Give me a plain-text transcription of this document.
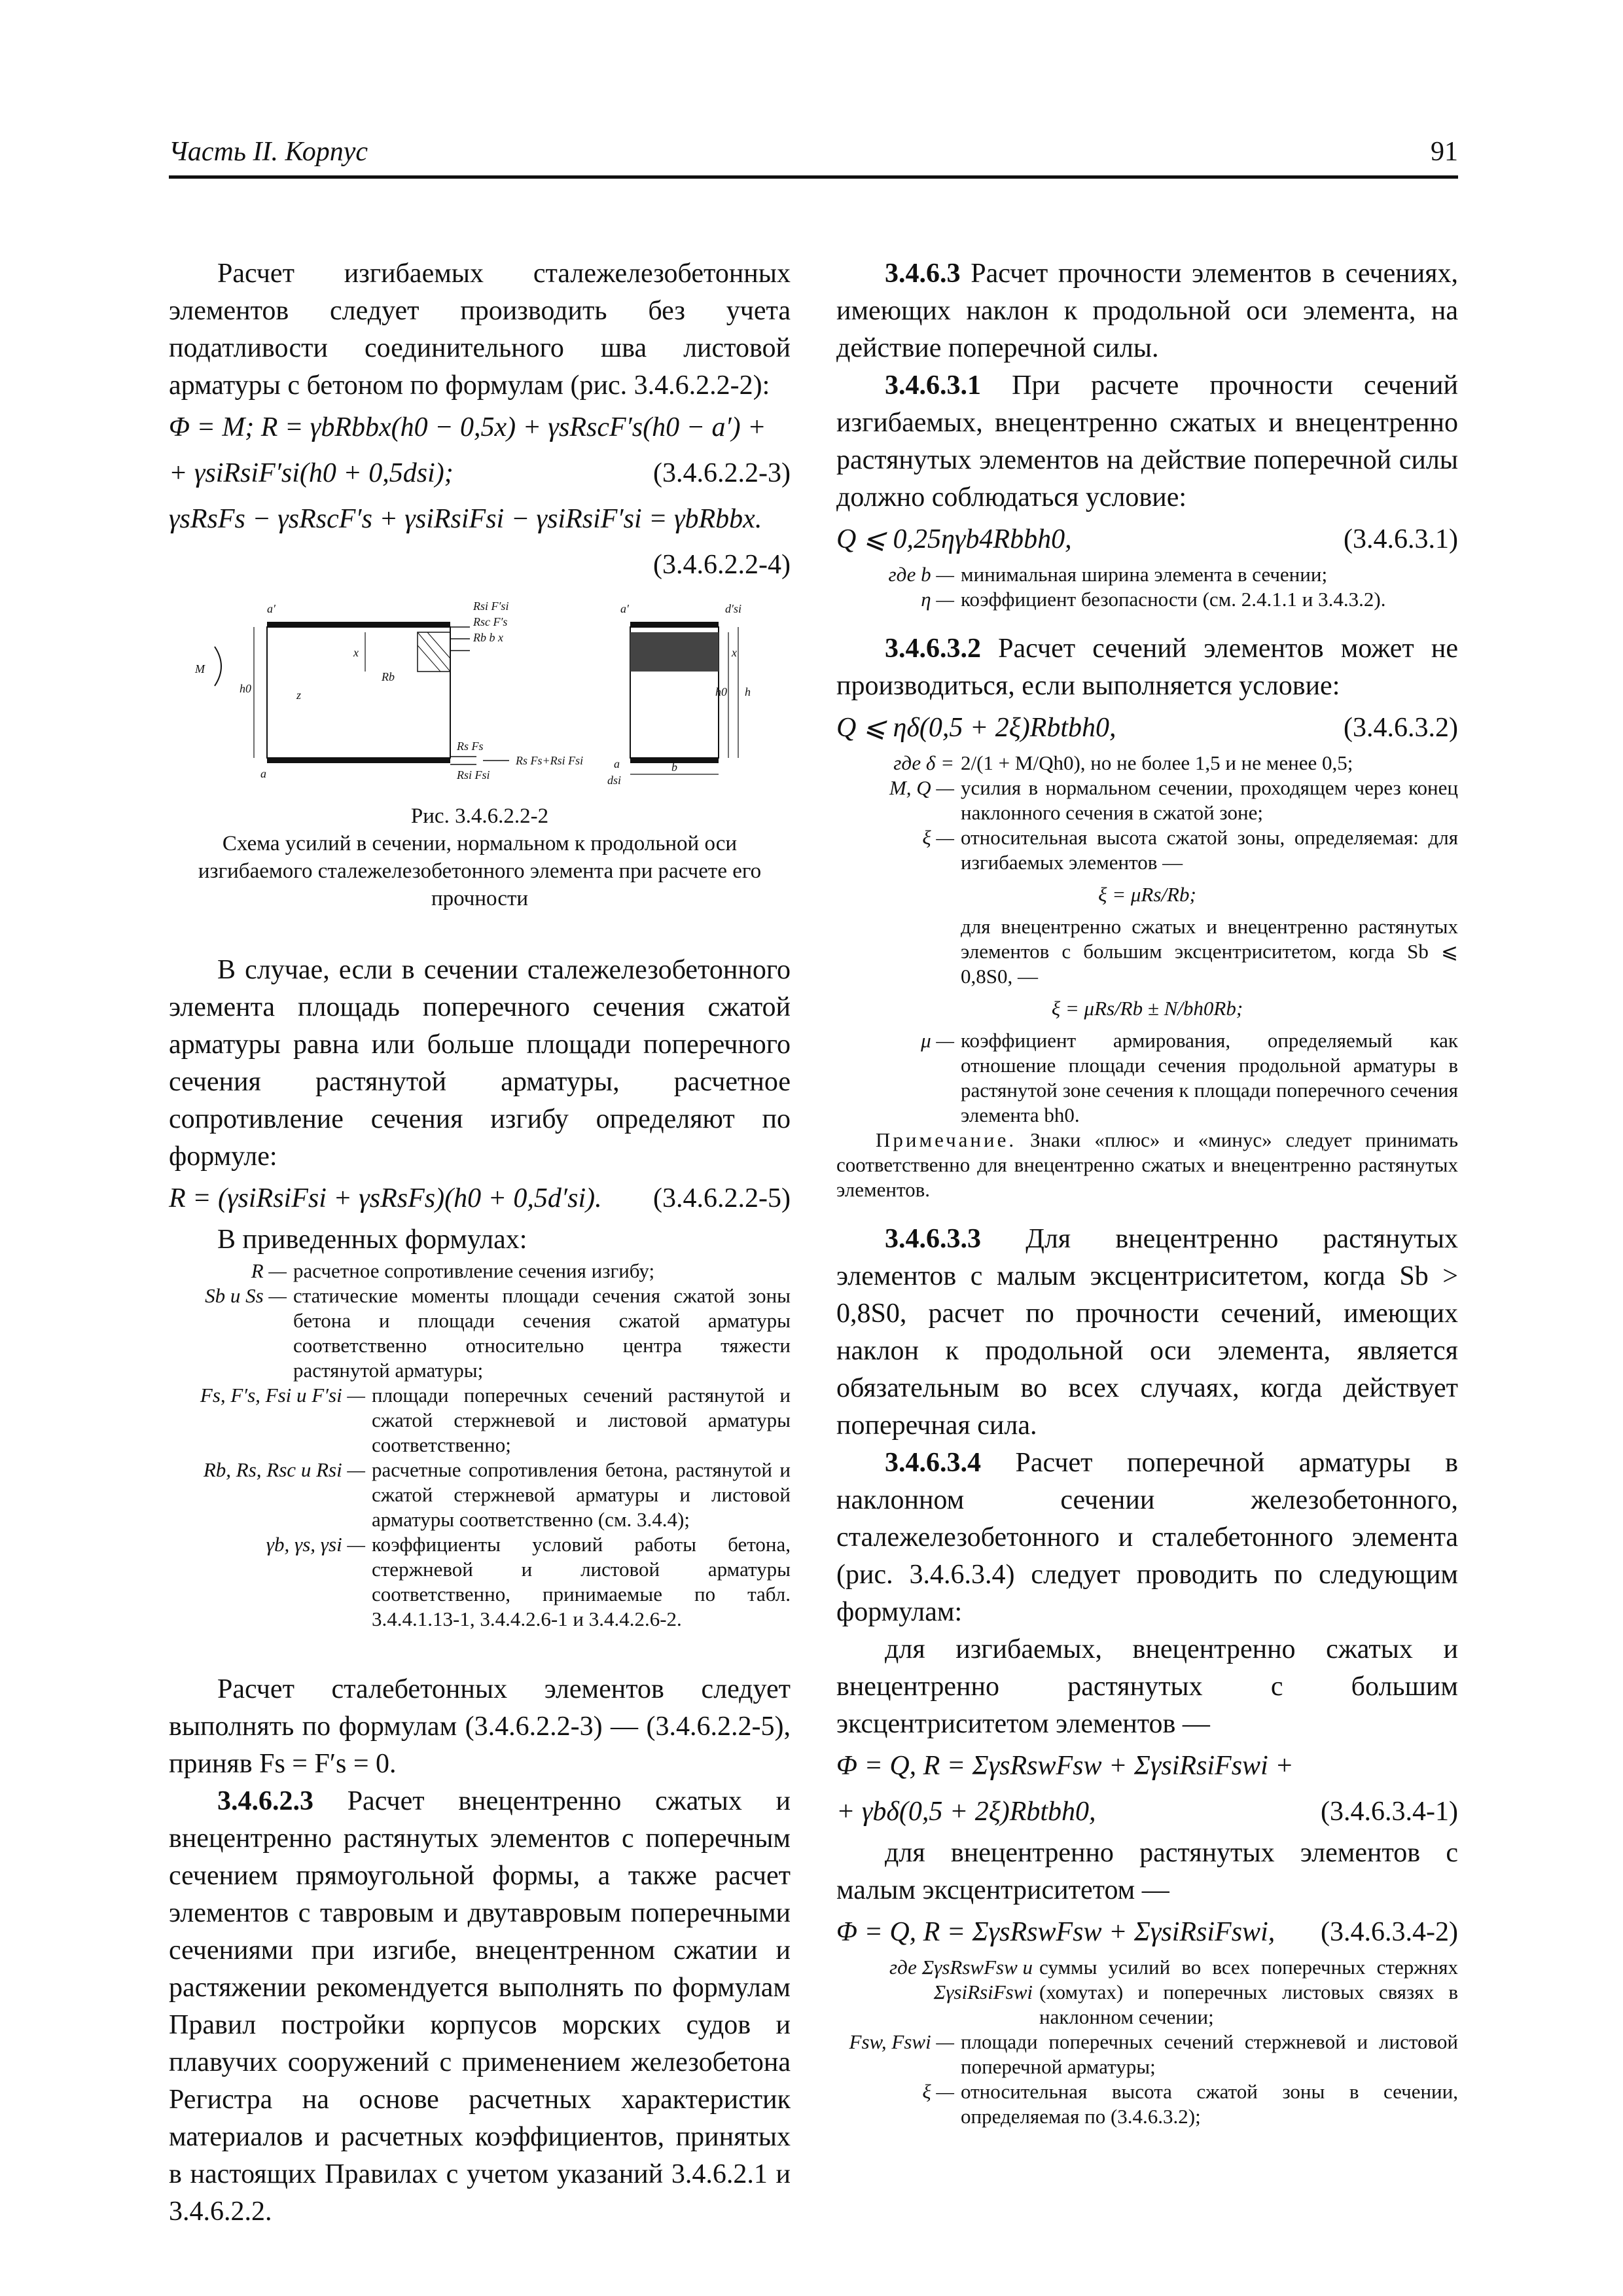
Часть II. Корпус	91

Расчет изгибаемых сталежелезобетонных элементов следует производить без учета податливости соединительного шва листовой арматуры с бетоном по формулам (рис. 3.4.6.2.2-2):

Φ = M; R = γbRbbx(h0 − 0,5x) + γsRscF′s(h0 − a′) +
+ γsiRsiF′si(h0 + 0,5dsi);	(3.4.6.2.2-3)
γsRsFs − γsRscF′s + γsiRsiFsi − γsiRsiF′si = γbRbbx.
(3.4.6.2.2-4)
a′
a
M
h0	z
x
Rb
Rsi F′si
Rsc F′s
Rb b x
Rs Fs
Rsi Fsi
Rs Fs+Rsi Fsi
a′	d′si
x
h0 h
a
dsi
b
Рис. 3.4.6.2.2-2
Схема усилий в сечении, нормальном к продольной оси изгибаемого сталежелезобетонного элемента при расчете его прочности

В случае, если в сечении сталежелезобетонного элемента площадь поперечного сечения сжатой арматуры равна или больше площади поперечного сечения растянутой арматуры, расчетное сопротивление сечения изгибу определяют по формуле:

R = (γsiRsiFsi + γsRsFs)(h0 + 0,5d′si). (3.4.6.2.2-5)

В приведенных формулах:

R — расчетное сопротивление сечения изгибу;
Sb и Ss — статические моменты площади сечения сжатой зоны бетона и площади сечения сжатой арматуры соответственно относительно центра тяжести растянутой арматуры;
Fs, F′s, Fsi и F′si — площади поперечных сечений растянутой и сжатой стержневой и листовой арматуры соответственно;
Rb, Rs, Rsc и Rsi — расчетные сопротивления бетона, растянутой и сжатой стержневой арматуры и листовой арматуры соответственно (см. 3.4.4);
γb, γs, γsi — коэффициенты условий работы бетона, стержневой и листовой арматуры соответственно, принимаемые по табл. 3.4.4.1.13-1, 3.4.4.2.6-1 и 3.4.4.2.6-2.

Расчет сталебетонных элементов следует выполнять по формулам (3.4.6.2.2-3) — (3.4.6.2.2-5), приняв Fs = F′s = 0.

3.4.6.2.3 Расчет внецентренно сжатых и внецентренно растянутых элементов с поперечным сечением прямоугольной формы, а также расчет элементов с тавровым и двутавровым поперечными сечениями при изгибе, внецентренном сжатии и растяжении рекомендуется выполнять по формулам Правил постройки корпусов морских судов и плавучих сооружений с применением железобетона Регистра на основе расчетных характеристик материалов и расчетных коэффициентов, принятых в настоящих Правилах с учетом указаний 3.4.6.2.1 и 3.4.6.2.2.

3.4.6.3 Расчет прочности элементов в сечениях, имеющих наклон к продольной оси элемента, на действие поперечной силы.

3.4.6.3.1 При расчете прочности сечений изгибаемых, внецентренно сжатых и внецентренно растянутых элементов на действие поперечной силы должно соблюдаться условие:

Q ⩽ 0,25ηγb4Rbbh0,	(3.4.6.3.1)
где b — минимальная ширина элемента в сечении;
η — коэффициент безопасности (см. 2.4.1.1 и 3.4.3.2).

3.4.6.3.2 Расчет сечений элементов может не производиться, если выполняется условие:

Q ⩽ ηδ(0,5 + 2ξ)Rbtbh0,	(3.4.6.3.2)
где δ = 2/(1 + M/Qh0), но не более 1,5 и не менее 0,5;
M, Q — усилия в нормальном сечении, проходящем через конец наклонного сечения в сжатой зоне;
ξ — относительная высота сжатой зоны, определяемая: для изгибаемых элементов —
ξ = μRs/Rb;
для внецентренно сжатых и внецентренно растянутых элементов с большим эксцентриситетом, когда Sb ⩽ 0,8S0, —
ξ = μRs/Rb ± N/bh0Rb;
μ — коэффициент армирования, определяемый как отношение площади сечения продольной арматуры в растянутой зоне сечения к площади поперечного сечения элемента bh0.

Примечание. Знаки «плюс» и «минус» следует принимать соответственно для внецентренно сжатых и внецентренно растянутых элементов.

3.4.6.3.3 Для внецентренно растянутых элементов с малым эксцентриситетом, когда Sb > 0,8S0, расчет по прочности сечений, имеющих наклон к продольной оси элемента, является обязательным во всех случаях, когда действует поперечная сила.

3.4.6.3.4 Расчет поперечной арматуры в наклонном сечении железобетонного, сталежелезобетонного и сталебетонного элемента (рис. 3.4.6.3.4) следует проводить по следующим формулам:

для изгибаемых, внецентренно сжатых и внецентренно растянутых с большим эксцентриситетом элементов —

Φ = Q, R = ΣγsRswFsw + ΣγsiRsiFswi +
+ γbδ(0,5 + 2ξ)Rbtbh0,	(3.4.6.3.4-1)

для внецентренно растянутых элементов с малым эксцентриситетом —

Φ = Q, R = ΣγsRswFsw + ΣγsiRsiFswi, (3.4.6.3.4-2)
где ΣγsRswFsw и ΣγsiRsiFswi
суммы усилий во всех поперечных стержнях (хомутах) и поперечных листовых связях в наклонном сечении;
Fsw, Fswi — площади поперечных сечений стержневой и листовой поперечной арматуры;
ξ — относительная высота сжатой зоны в сечении, определяемая по (3.4.6.3.2);
